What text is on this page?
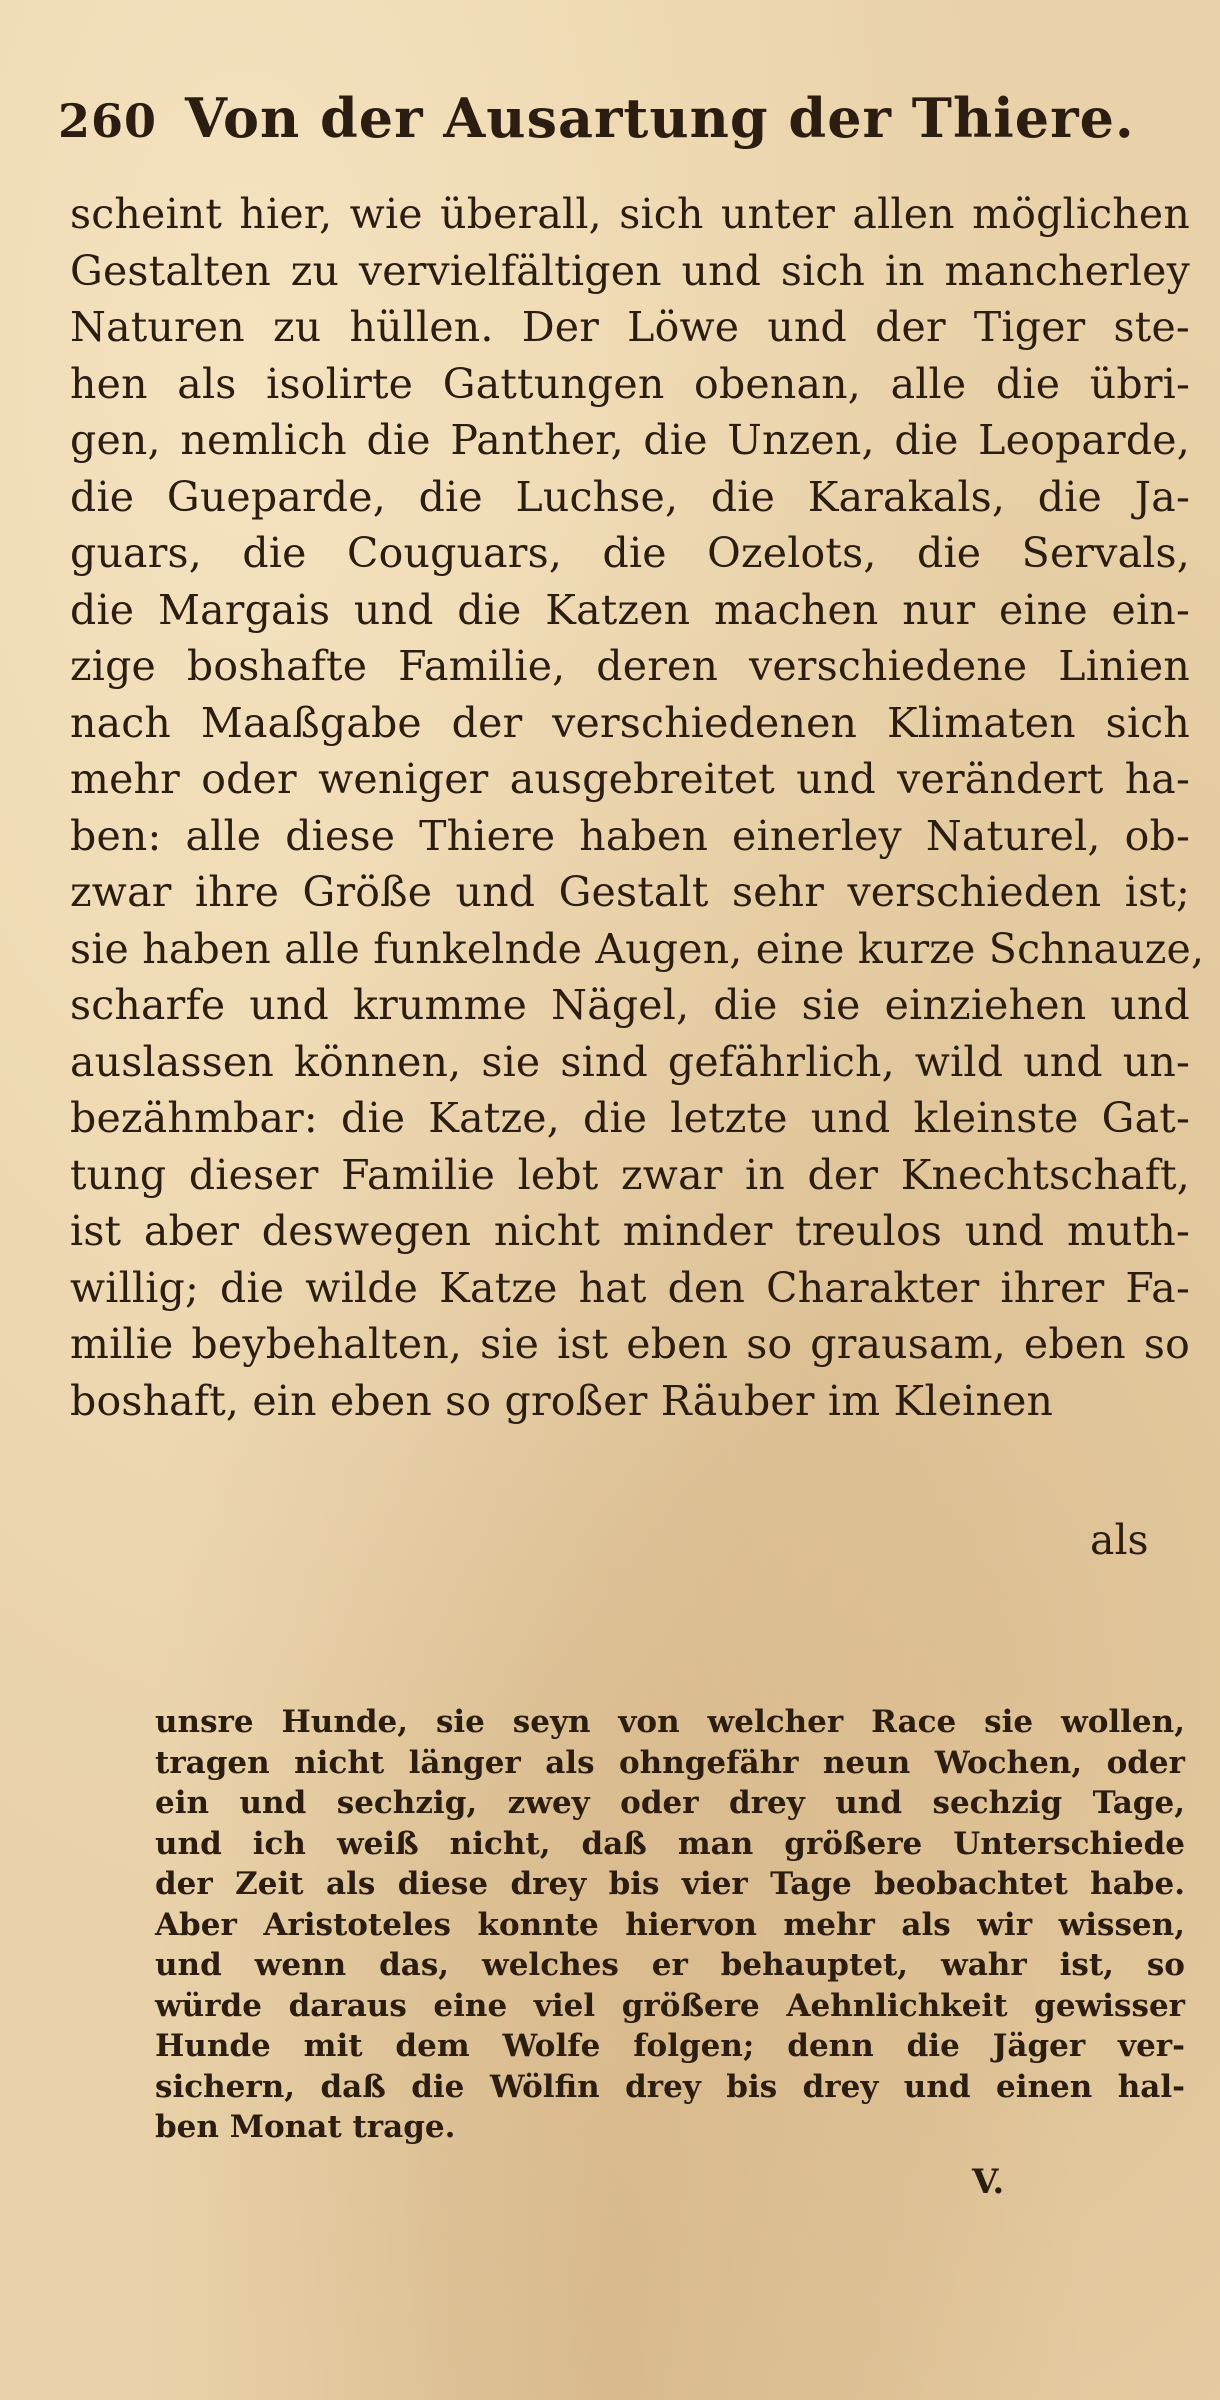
260 Von der Ausartung der Thiere.
scheint hier, wie überall, sich unter allen möglichen
Gestalten zu vervielfältigen und sich in mancherley
Naturen zu hüllen. Der Löwe und der Tiger ste-
hen als isolirte Gattungen obenan, alle die übri-
gen, nemlich die Panther, die Unzen, die Leoparde,
die Gueparde, die Luchse, die Karakals, die Ja-
guars, die Couguars, die Ozelots, die Servals,
die Margais und die Katzen machen nur eine ein-
zige boshafte Familie, deren verschiedene Linien
nach Maaßgabe der verschiedenen Klimaten sich
mehr oder weniger ausgebreitet und verändert ha-
ben: alle diese Thiere haben einerley Naturel, ob-
zwar ihre Größe und Gestalt sehr verschieden ist;
sie haben alle funkelnde Augen, eine kurze Schnauze,
scharfe und krumme Nägel, die sie einziehen und
auslassen können, sie sind gefährlich, wild und un-
bezähmbar: die Katze, die letzte und kleinste Gat-
tung dieser Familie lebt zwar in der Knechtschaft,
ist aber deswegen nicht minder treulos und muth-
willig; die wilde Katze hat den Charakter ihrer Fa-
milie beybehalten, sie ist eben so grausam, eben so
boshaft, ein eben so großer Räuber im Kleinen
als
unsre Hunde, sie seyn von welcher Race sie wollen,
tragen nicht länger als ohngefähr neun Wochen, oder
ein und sechzig, zwey oder drey und sechzig Tage,
und ich weiß nicht, daß man größere Unterschiede
der Zeit als diese drey bis vier Tage beobachtet habe.
Aber Aristoteles konnte hiervon mehr als wir wissen,
und wenn das, welches er behauptet, wahr ist, so
würde daraus eine viel größere Aehnlichkeit gewisser
Hunde mit dem Wolfe folgen; denn die Jäger ver-
sichern, daß die Wölfin drey bis drey und einen hal-
ben Monat trage.
V.
